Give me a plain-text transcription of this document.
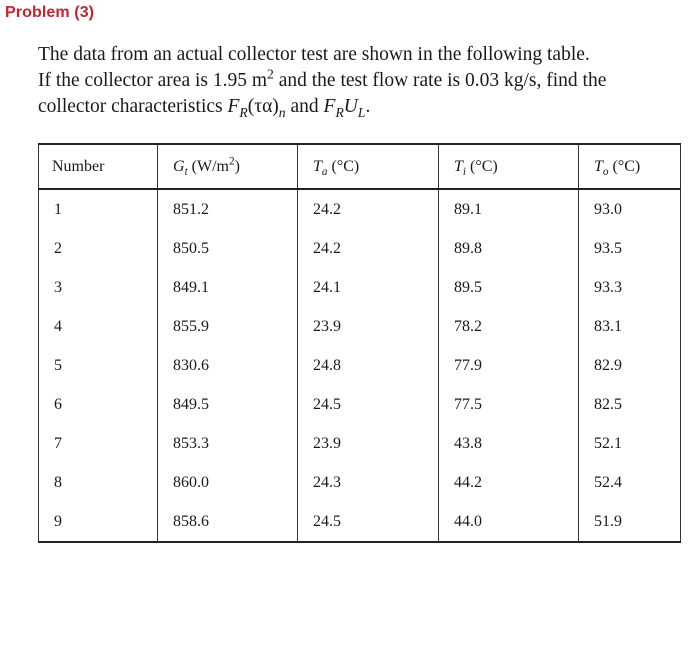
Problem (3)
The data from an actual collector test are shown in the following table.
If the collector area is 1.95 $m^2$ and the test flow rate is 0.03 kg/s, find the
collector characteristics $F_R(\tau\alpha)_n$ and $F_RU_L$.
Number	$G_t$ $(W/m^2)$	$T_a$ (°C)	$T_i$ (°C)	$T_o$ (°C)
1	851.2	24.2	89.1	93.0
2	850.5	24.2	89.8	93.5
3	849.1	24.1	89.5	93.3
4	855.9	23.9	78.2	83.1
5	830.6	24.8	77.9	82.9
6	849.5	24.5	77.5	82.5
7	853.3	23.9	43.8	52.1
8	860.0	24.3	44.2	52.4
9	858.6	24.5	44.0	51.9
